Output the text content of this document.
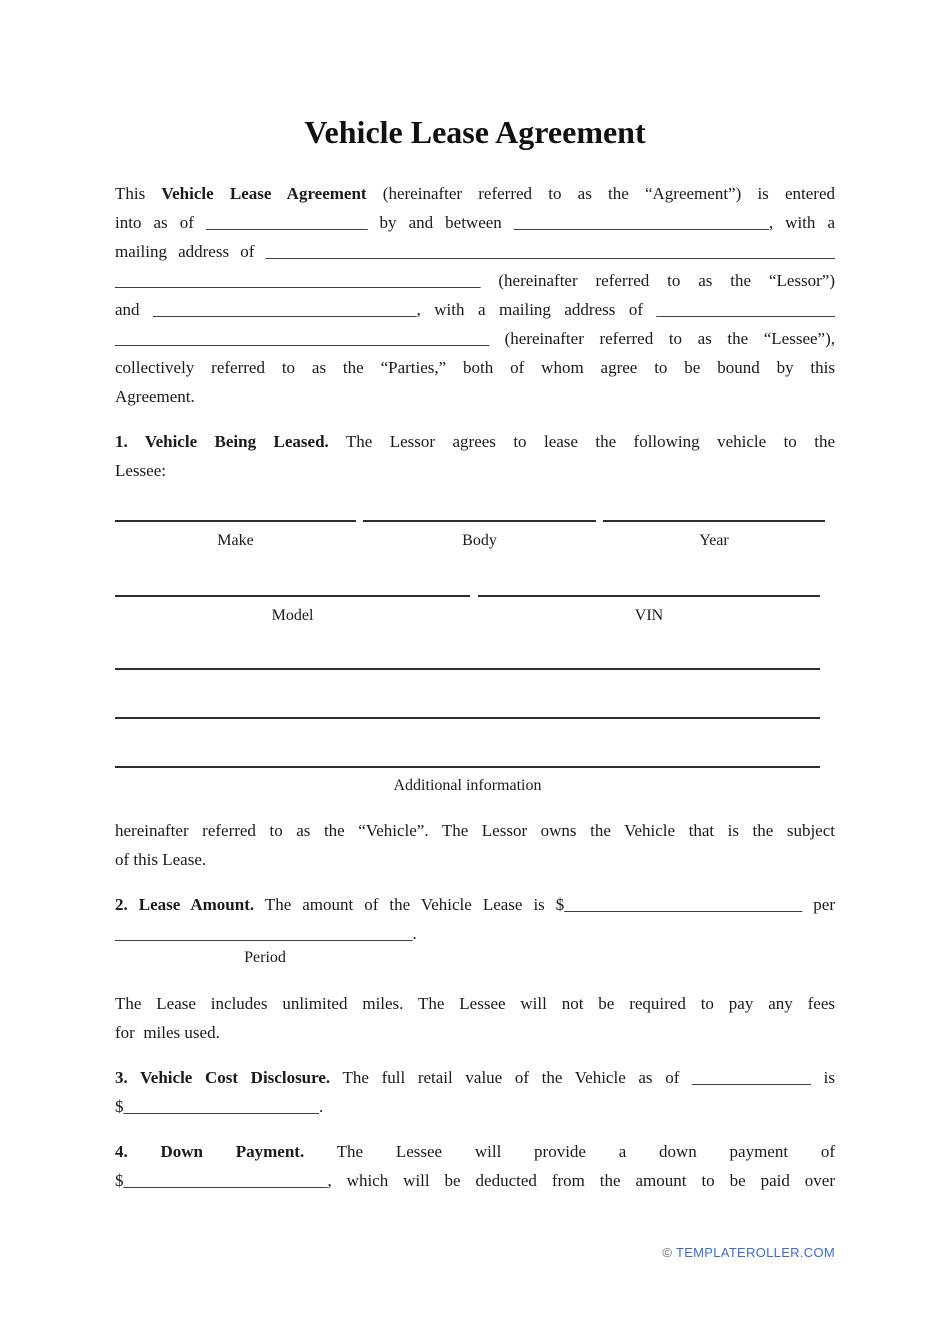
Vehicle Lease Agreement
This Vehicle Lease Agreement (hereinafter referred to as the “Agreement”) is entered
into as of ___________________ by and between ______________________________, with a
mailing address of ___________________________________________________________________
___________________________________________ (hereinafter referred to as the “Lessor”)
and _______________________________, with a mailing address of _____________________
____________________________________________ (hereinafter referred to as the “Lessee”),
collectively referred to as the “Parties,” both of whom agree to be bound by this
Agreement.
1. Vehicle Being Leased. The Lessor agrees to lease the following vehicle to the
Lessee:
Make	Body	Year
Model	VIN
Additional information
hereinafter referred to as the “Vehicle”. The Lessor owns the Vehicle that is the subject
of this Lease.
2. Lease Amount. The amount of the Vehicle Lease is $____________________________ per
___________________________________.
Period
The Lease includes unlimited miles. The Lessee will not be required to pay any fees
for  miles used.
3. Vehicle Cost Disclosure. The full retail value of the Vehicle as of ______________ is
$_______________________.
4. Down Payment. The Lessee will provide a down payment of
$________________________, which will be deducted from the amount to be paid over
© TEMPLATEROLLER.COM
